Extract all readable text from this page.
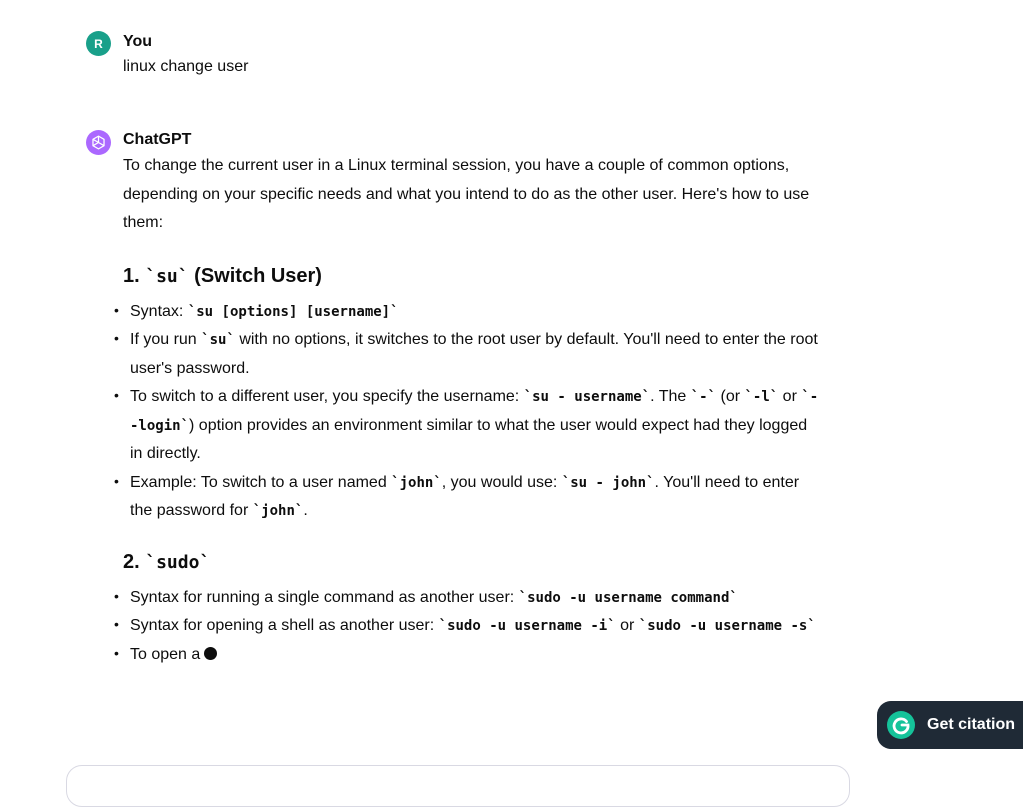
R You
linux change user
ChatGPT

To change the current user in a Linux terminal session, you have a couple of common options, depending on your specific needs and what you intend to do as the other user. Here's how to use them:

1. `su` (Switch User)
• Syntax: `su [options] [username]`
• If you run `su` with no options, it switches to the root user by default. You'll need to enter the root user's password.
• To switch to a different user, you specify the username: `su - username`. The `-` (or `-l` or `--login`) option provides an environment similar to what the user would expect had they logged in directly.
• Example: To switch to a user named `john`, you would use: `su - john`. You'll need to enter the password for `john`.
2. `sudo`
• Syntax for running a single command as another user: `sudo -u username command`
• Syntax for opening a shell as another user: `sudo -u username -i` or `sudo -u username -s`
• To open a
Get citation
